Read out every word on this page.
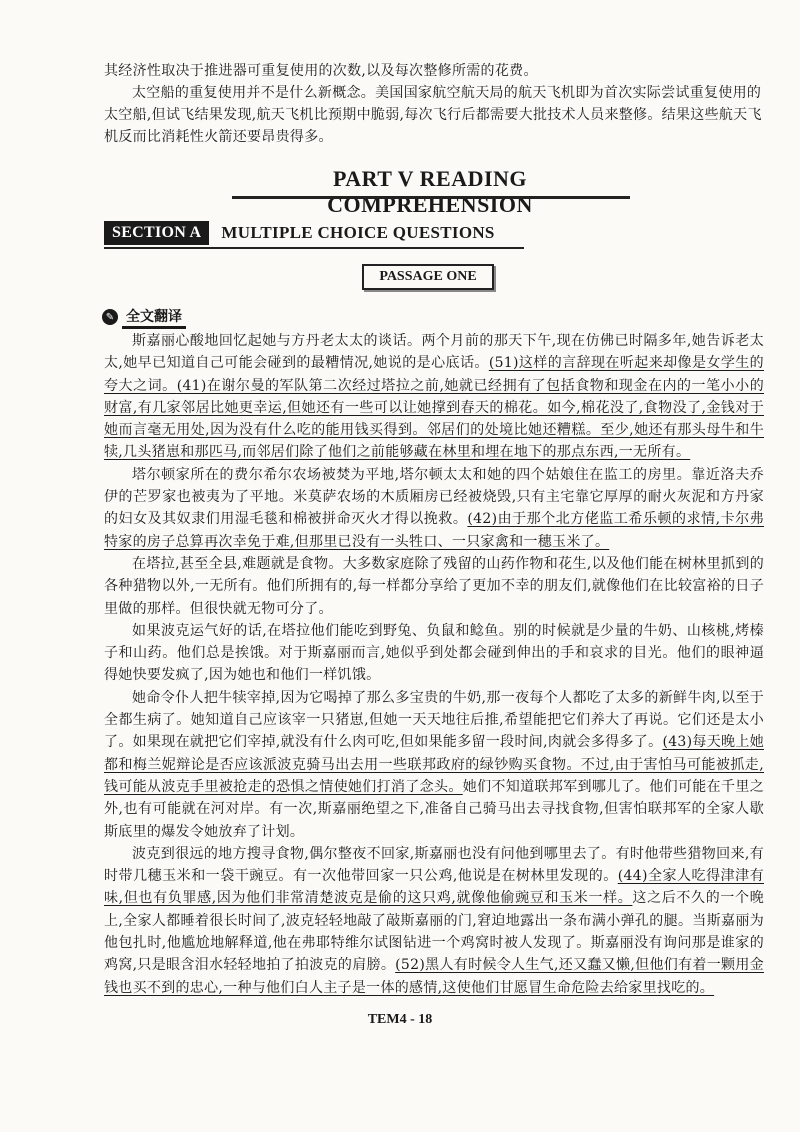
其经济性取决于推进器可重复使用的次数,以及每次整修所需的花费。

太空船的重复使用并不是什么新概念。美国国家航空航天局的航天飞机即为首次实际尝试重复使用的太空船,但试飞结果发现,航天飞机比预期中脆弱,每次飞行后都需要大批技术人员来整修。结果这些航天飞机反而比消耗性火箭还要昂贵得多。

PART V READING COMPREHENSION
SECTION A	MULTIPLE CHOICE QUESTIONS
PASSAGE ONE
✎ 全文翻译

斯嘉丽心酸地回忆起她与方丹老太太的谈话。两个月前的那天下午,现在仿佛已时隔多年,她告诉老太太,她早已知道自己可能会碰到的最糟情况,她说的是心底话。(51)这样的言辞现在听起来却像是女学生的夸大之词。(41)在谢尔曼的军队第二次经过塔拉之前,她就已经拥有了包括食物和现金在内的一笔小小的财富,有几家邻居比她更幸运,但她还有一些可以让她撑到春天的棉花。如今,棉花没了,食物没了,金钱对于她而言毫无用处,因为没有什么吃的能用钱买得到。邻居们的处境比她还糟糕。至少,她还有那头母牛和牛犊,几头猪崽和那匹马,而邻居们除了他们之前能够藏在林里和埋在地下的那点东西,一无所有。

塔尔顿家所在的费尔希尔农场被焚为平地,塔尔顿太太和她的四个姑娘住在监工的房里。靠近洛夫乔伊的芒罗家也被夷为了平地。米莫萨农场的木质厢房已经被烧毁,只有主宅靠它厚厚的耐火灰泥和方丹家的妇女及其奴隶们用湿毛毯和棉被拼命灭火才得以挽救。(42)由于那个北方佬监工希乐顿的求情,卡尔弗特家的房子总算再次幸免于难,但那里已没有一头牲口、一只家禽和一穗玉米了。

在塔拉,甚至全县,难题就是食物。大多数家庭除了残留的山药作物和花生,以及他们能在树林里抓到的各种猎物以外,一无所有。他们所拥有的,每一样都分享给了更加不幸的朋友们,就像他们在比较富裕的日子里做的那样。但很快就无物可分了。

如果波克运气好的话,在塔拉他们能吃到野兔、负鼠和鲶鱼。别的时候就是少量的牛奶、山核桃,烤榛子和山药。他们总是挨饿。对于斯嘉丽而言,她似乎到处都会碰到伸出的手和哀求的目光。他们的眼神逼得她快要发疯了,因为她也和他们一样饥饿。

她命令仆人把牛犊宰掉,因为它喝掉了那么多宝贵的牛奶,那一夜每个人都吃了太多的新鲜牛肉,以至于全都生病了。她知道自己应该宰一只猪崽,但她一天天地往后推,希望能把它们养大了再说。它们还是太小了。如果现在就把它们宰掉,就没有什么肉可吃,但如果能多留一段时间,肉就会多得多了。(43)每天晚上她都和梅兰妮辩论是否应该派波克骑马出去用一些联邦政府的绿钞购买食物。不过,由于害怕马可能被抓走,钱可能从波克手里被抢走的恐惧之情使她们打消了念头。她们不知道联邦军到哪儿了。他们可能在千里之外,也有可能就在河对岸。有一次,斯嘉丽绝望之下,准备自己骑马出去寻找食物,但害怕联邦军的全家人歇斯底里的爆发令她放弃了计划。

波克到很远的地方搜寻食物,偶尔整夜不回家,斯嘉丽也没有问他到哪里去了。有时他带些猎物回来,有时带几穗玉米和一袋干豌豆。有一次他带回家一只公鸡,他说是在树林里发现的。(44)全家人吃得津津有味,但也有负罪感,因为他们非常清楚波克是偷的这只鸡,就像他偷豌豆和玉米一样。这之后不久的一个晚上,全家人都睡着很长时间了,波克轻轻地敲了敲斯嘉丽的门,窘迫地露出一条布满小弹孔的腿。当斯嘉丽为他包扎时,他尴尬地解释道,他在弗耶特维尔试图钻进一个鸡窝时被人发现了。斯嘉丽没有询问那是谁家的鸡窝,只是眼含泪水轻轻地拍了拍波克的肩膀。(52)黑人有时候令人生气,还又蠢又懒,但他们有着一颗用金钱也买不到的忠心,一种与他们白人主子是一体的感情,这使他们甘愿冒生命危险去给家里找吃的。

TEM4 - 18
